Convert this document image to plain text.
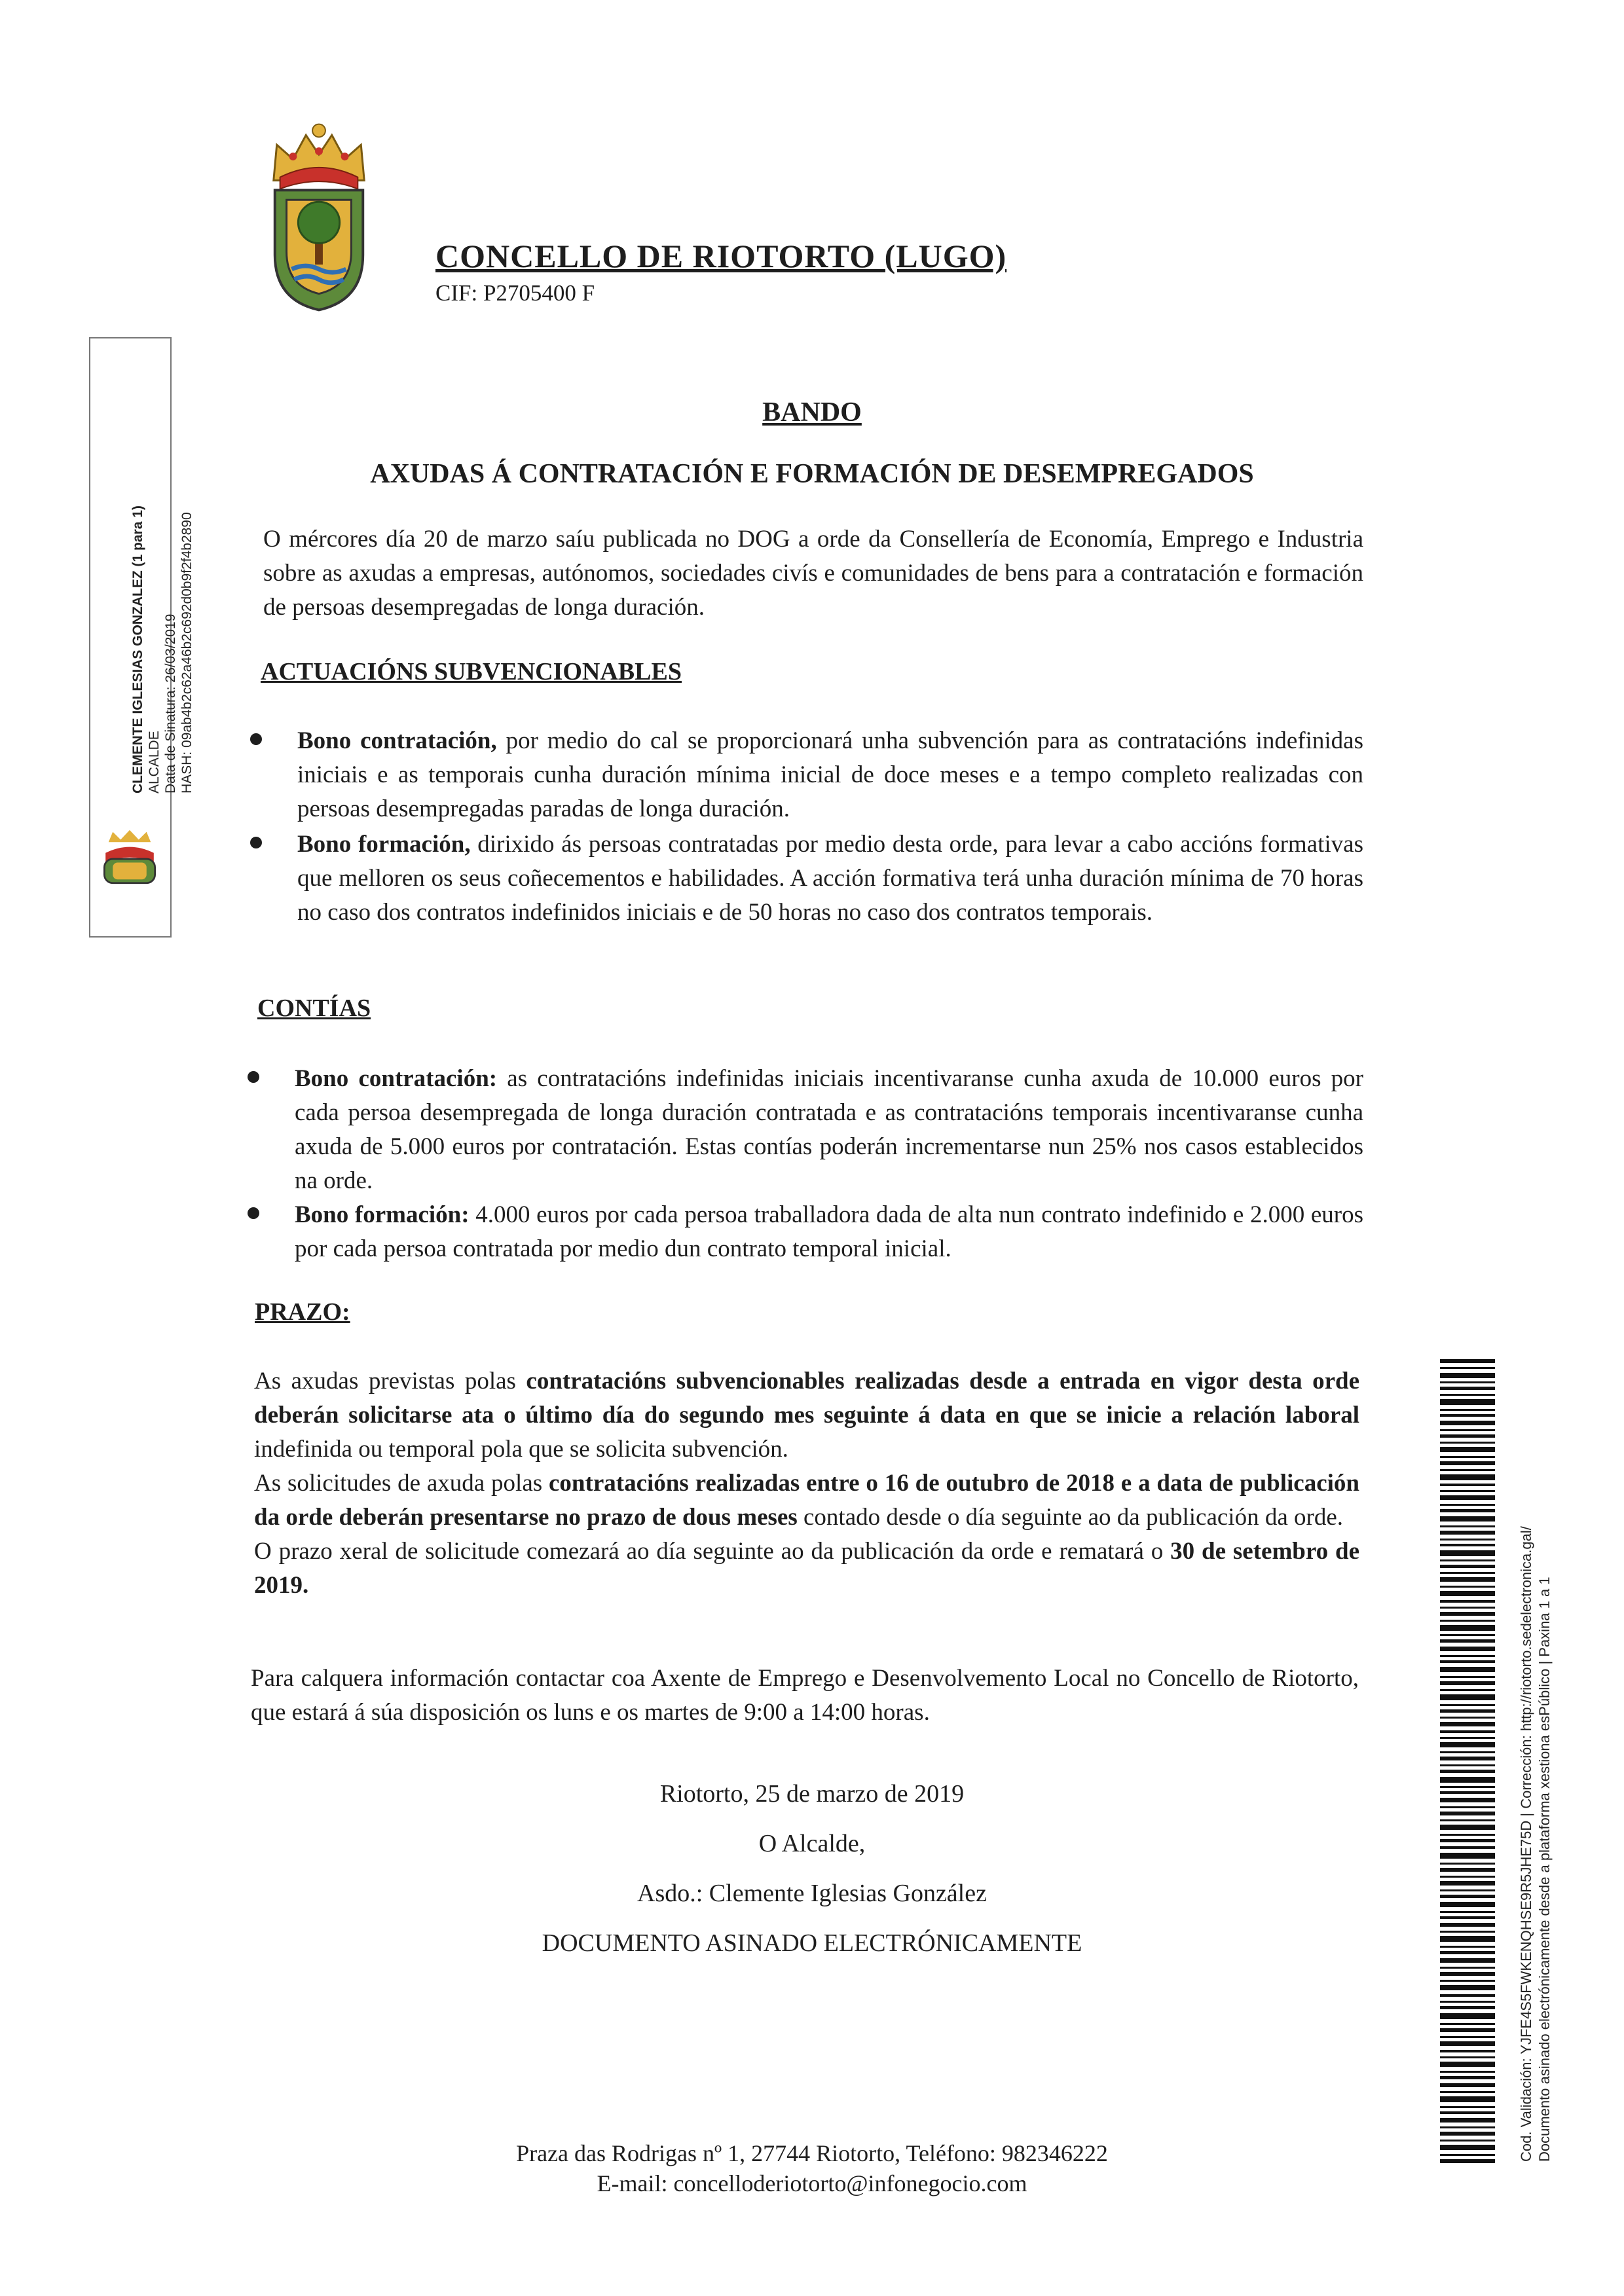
CONCELLO DE RIOTORTO (LUGO)
CIF: P2705400 F
BANDO
AXUDAS Á CONTRATACIÓN E FORMACIÓN DE DESEMPREGADOS
O mércores día 20 de marzo saíu publicada no DOG a orde da Consellería de Economía, Emprego e Industria sobre as axudas a empresas, autónomos, sociedades civís e comunidades de bens para a contratación e formación de persoas desempregadas de longa duración.
ACTUACIÓNS SUBVENCIONABLES
Bono contratación, por medio do cal se proporcionará unha subvención para as contratacións indefinidas iniciais e as temporais cunha duración mínima inicial de doce meses e a tempo completo realizadas con persoas desempregadas paradas de longa duración.
Bono formación, dirixido ás persoas contratadas por medio desta orde, para levar a cabo accións formativas que melloren os seus coñecementos e habilidades. A acción formativa terá unha duración mínima de 70 horas no caso dos contratos indefinidos iniciais e de 50 horas no caso dos contratos temporais.
CONTÍAS
Bono contratación: as contratacións indefinidas iniciais incentivaranse cunha axuda de 10.000 euros por cada persoa desempregada de longa duración contratada e as contratacións temporais incentivaranse cunha axuda de 5.000 euros por contratación. Estas contías poderán incrementarse nun 25% nos casos establecidos na orde.
Bono formación: 4.000 euros por cada persoa traballadora dada de alta nun contrato indefinido e 2.000 euros por cada persoa contratada por medio dun contrato temporal inicial.
PRAZO:
As axudas previstas polas contratacións subvencionables realizadas desde a entrada en vigor desta orde deberán solicitarse ata o último día do segundo mes seguinte á data en que se inicie a relación laboral indefinida ou temporal pola que se solicita subvención.
As solicitudes de axuda polas contratacións realizadas entre o 16 de outubro de 2018 e a data de publicación da orde deberán presentarse no prazo de dous meses contado desde o día seguinte ao da publicación da orde.
O prazo xeral de solicitude comezará ao día seguinte ao da publicación da orde e rematará o 30 de setembro de 2019.
Para calquera información contactar coa Axente de Emprego e Desenvolvemento Local no Concello de Riotorto, que estará á súa disposición os luns e os martes de 9:00 a 14:00 horas.
Riotorto, 25 de marzo de 2019
O Alcalde,
Asdo.: Clemente Iglesias González
DOCUMENTO ASINADO ELECTRÓNICAMENTE
Praza das Rodrigas nº 1, 27744 Riotorto, Teléfono: 982346222
E-mail: concelloderiotorto@infonegocio.com
CLEMENTE IGLESIAS GONZALEZ (1 para 1) ALCALDE Data de Sinatura: 26/03/2019 HASH: 09ab4b2c62a46b2c692d0b9f2f4b2890
Cod. Validación: YJFE4S5FWKENQHSE9R5JHE75D | Corrección: http://riotorto.sedelectronica.gal/ Documento asinado electrónicamente desde a plataforma xestiona esPúblico | Paxina 1 a 1
